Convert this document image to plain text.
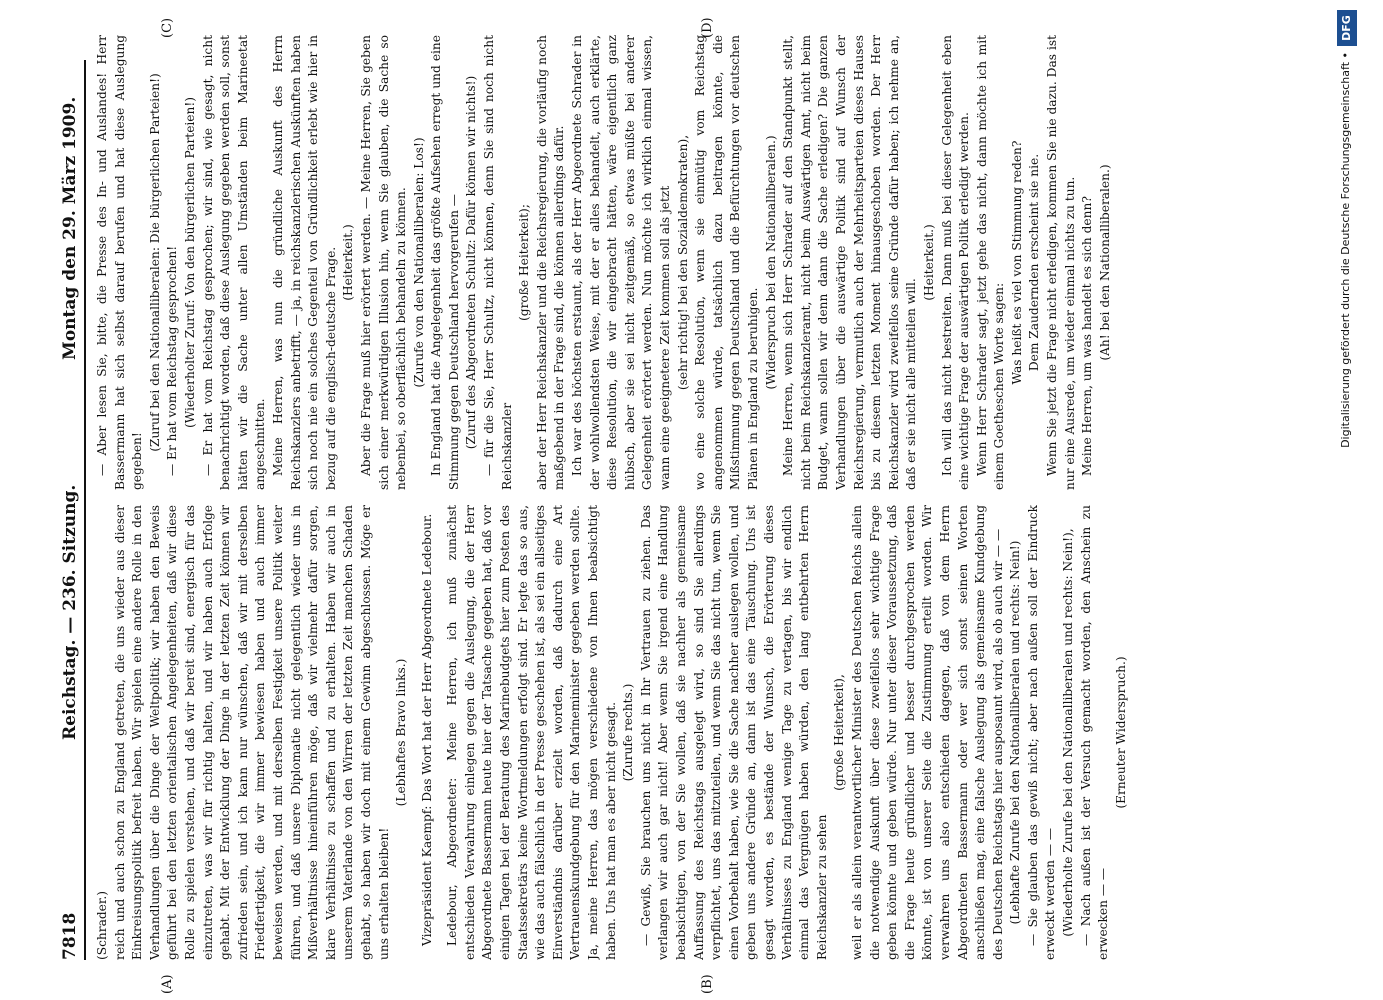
7818
Reichstag. — 236. Sitzung.
Montag den 29. März 1909.
(A)	(B)
(C)	(D)

(Schrader.) reich und auch schon zu England getreten, die uns wieder aus dieser Einkreisungspolitik befreit haben. Wir spielen eine andere Rolle in den Verhandlungen über die Dinge der Weltpolitik; wir haben den Beweis geführt bei den letzten orientalischen Angelegenheiten, daß wir diese Rolle zu spielen verstehen, und daß wir bereit sind, energisch für das einzutreten, was wir für richtig halten, und wir haben auch Erfolge gehabt. Mit der Entwicklung der Dinge in der letzten Zeit können wir zufrieden sein, und ich kann nur wünschen, daß wir mit derselben Friedfertigkeit, die wir immer bewiesen haben und auch immer beweisen werden, und mit derselben Festigkeit unsere Politik weiter führen, und daß unsere Diplomatie nicht gelegentlich wieder uns in Mißverhältnisse hineinführen möge, daß wir vielmehr dafür sorgen, klare Verhältnisse zu schaffen und zu erhalten. Haben wir auch in unserem Vaterlande von den Wirren der letzten Zeit manchen Schaden gehabt, so haben wir doch mit einem Gewinn abgeschlossen. Möge er uns erhalten bleiben!

(Lebhaftes Bravo links.) Vizepräsident Kaempf: Das Wort hat der Herr Abgeordnete Ledebour. Ledebour, Abgeordneter: Meine Herren, ich muß zunächst entschieden Verwahrung einlegen gegen die Auslegung, die der Herr Abgeordnete Bassermann heute hier der Tatsache gegeben hat, daß vor einigen Tagen bei der Beratung des Marinebudgets hier zum Posten des Staatssekretärs keine Wortmeldungen erfolgt sind. Er legte das so aus, wie das auch fälschlich in der Presse geschehen ist, als sei ein allseitiges Einverständnis darüber erzielt worden, daß dadurch eine Art Vertrauenskundgebung für den Marineminister gegeben werden sollte. Ja, meine Herren, das mögen verschiedene von Ihnen beabsichtigt haben. Uns hat man es aber nicht gesagt. (Zurufe rechts.) — Gewiß, Sie brauchen uns nicht in Ihr Vertrauen zu ziehen. Das verlangen wir auch gar nicht! Aber wenn Sie irgend eine Handlung beabsichtigen, von der Sie wollen, daß sie nachher als gemeinsame Auffassung des Reichstags ausgelegt wird, so sind Sie allerdings verpflichtet, uns das mitzuteilen, und wenn Sie das nicht tun, wenn Sie einen Vorbehalt haben, wie Sie die Sache nachher auslegen wollen, und geben uns andere Gründe an, dann ist das eine Täuschung. Uns ist gesagt worden, es bestände der Wunsch, die Erörterung dieses Verhältnisses zu England wenige Tage zu vertagen, bis wir endlich einmal das Vergnügen haben würden, den lang entbehrten Herrn Reichskanzler zu sehen

(große Heiterkeit), weil er als allein verantwortlicher Minister des Deutschen Reichs allein die notwendige Auskunft über diese zweifellos sehr wichtige Frage geben könnte und geben würde. Nur unter dieser Voraussetzung, daß die Frage heute gründlicher und besser durchgesprochen werden könnte, ist von unserer Seite die Zustimmung erteilt worden. Wir verwahren uns also entschieden dagegen, daß von dem Herrn Abgeordneten Bassermann oder wer sich sonst seinen Worten anschließen mag, eine falsche Auslegung als gemeinsame Kundgebung des Deutschen Reichstags hier ausposaunt wird, als ob auch wir — — (Lebhafte Zurufe bei den Nationalliberalen und rechts: Nein!) — Sie glauben das gewiß nicht; aber nach außen soll der Eindruck erweckt werden — — (Wiederholte Zurufe bei den Nationalliberalen und rechts: Nein!), — Nach außen ist der Versuch gemacht worden, den Anschein zu erwecken — —

(Erneuter Widerspruch.)

— Aber lesen Sie, bitte, die Presse des In- und Auslandes! Herr Bassermann hat sich selbst darauf berufen und hat diese Auslegung gegeben!

(Zuruf bei den Nationalliberalen: Die bürgerlichen Parteien!) — Er hat vom Reichstag gesprochen! (Wiederholter Zuruf: Von den bürgerlichen Parteien!) — Er hat vom Reichstag gesprochen; wir sind, wie gesagt, nicht benachrichtigt worden, daß diese Auslegung gegeben werden soll, sonst hätten wir die Sache unter allen Umständen beim Marineetat angeschnitten. Meine Herren, was nun die gründliche Auskunft des Herrn Reichskanzlers anbetrifft, — ja, in reichskanzlerischen Auskünften haben sich noch nie ein solches Gegenteil von Gründlichkeit erlebt wie hier in bezug auf die englisch-deutsche Frage. (Heiterkeit.) Aber die Frage muß hier erörtert werden. — Meine Herren, Sie geben sich einer merkwürdigen Illusion hin, wenn Sie glauben, die Sache so nebenbei, so oberflächlich behandeln zu können. (Zurufe von den Nationalliberalen: Los!) In England hat die Angelegenheit das größte Aufsehen erregt und eine Stimmung gegen Deutschland hervorgerufen — (Zuruf des Abgeordneten Schultz: Dafür können wir nichts!) — für die Sie, Herr Schultz, nicht können, denn Sie sind noch nicht Reichskanzler

(große Heiterkeit); aber der Herr Reichskanzler und die Reichsregierung, die vorläufig noch maßgebend in der Frage sind, die können allerdings dafür. Ich war des höchsten erstaunt, als der Herr Abgeordnete Schrader in der wohlwollendsten Weise, mit der er alles behandelt, auch erklärte, diese Resolution, die wir eingebracht hätten, wäre eigentlich ganz hübsch, aber sie sei nicht zeitgemäß, so etwas müßte bei anderer Gelegenheit erörtert werden. Nun möchte ich wirklich einmal wissen, wann eine geeignetere Zeit kommen soll als jetzt (sehr richtig! bei den Sozialdemokraten), wo eine solche Resolution, wenn sie einmütig vom Reichstag angenommen würde, tatsächlich dazu beitragen könnte, die Mißstimmung gegen Deutschland und die Befürchtungen vor deutschen Plänen in England zu beruhigen. (Widerspruch bei den Nationalliberalen.) Meine Herren, wenn sich Herr Schrader auf den Standpunkt stellt, nicht beim Reichskanzleramt, nicht beim Auswärtigen Amt, nicht beim Budget, wann sollen wir denn dann die Sache erledigen? Die ganzen Verhandlungen über die auswärtige Politik sind auf Wunsch der Reichsregierung, vermutlich auch der Mehrheitsparteien dieses Hauses bis zu diesem letzten Moment hinausgeschoben worden. Der Herr Reichskanzler wird zweifellos seine Gründe dafür haben; ich nehme an, daß er sie nicht alle mitteilen will.

(Heiterkeit.) Ich will das nicht bestreiten. Dann muß bei dieser Gelegenheit eben eine wichtige Frage der auswärtigen Politik erledigt werden. Wenn Herr Schrader sagt, jetzt gehe das nicht, dann möchte ich mit einem Goetheschen Worte sagen:

Was heißt es viel von Stimmung reden? Dem Zaudernden erscheint sie nie. Wenn Sie jetzt die Frage nicht erledigen, kommen Sie nie dazu. Das ist nur eine Ausrede, um wieder einmal nichts zu tun. Meine Herren, um was handelt es sich denn? (Ah! bei den Nationalliberalen.)	Digitalisierung gefördert durch die Deutsche Forschungsgemeinschaft •
DFG
